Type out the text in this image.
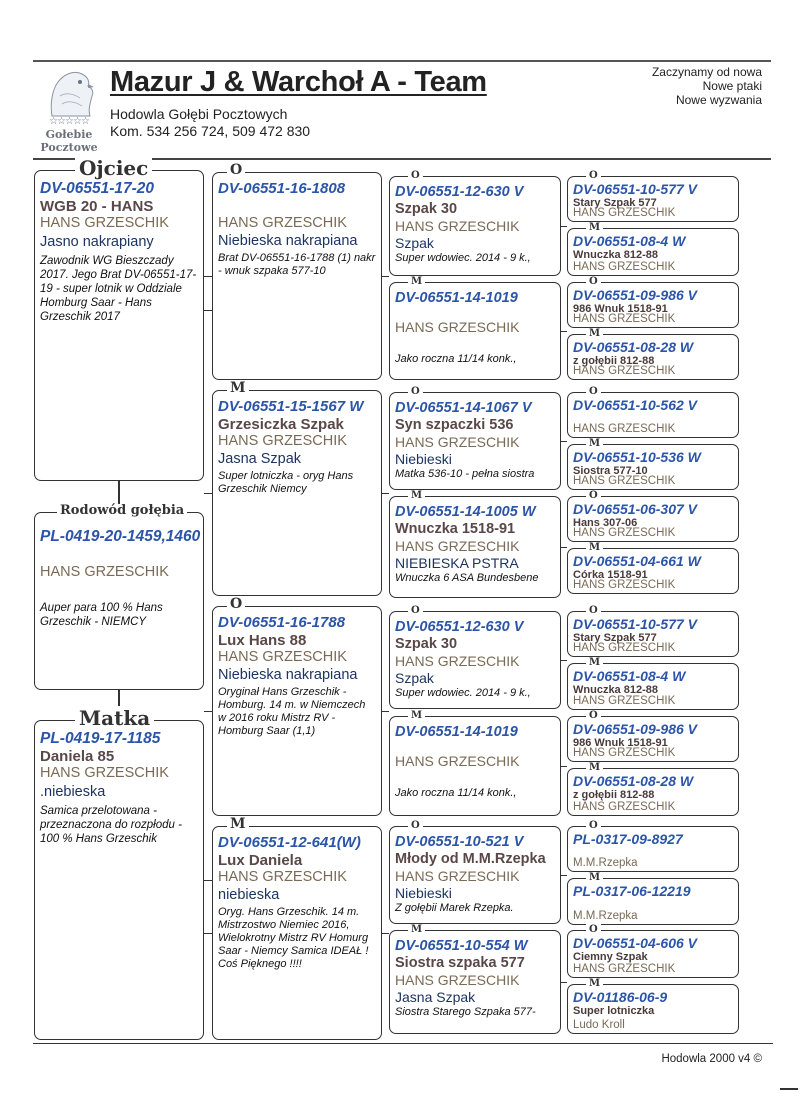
☆☆☆☆☆
Gołebie
Pocztowe
Mazur J & Warchoł A - Team
Hodowla Gołębi Pocztowych
Kom. 534 256 724, 509 472 830
Zaczynamy od nowa
Nowe ptaki
Nowe wyzwania
Ojciec
DV-06551-17-20
WGB 20 - HANS
HANS GRZESCHIK
Jasno nakrapiany
Zawodnik WG Bieszczady 2017. Jego Brat DV-06551-17-19 - super lotnik w Oddziale Homburg Saar - Hans Grzeschik 2017
Rodowód gołębia
PL-0419-20-1459,1460
HANS GRZESCHIK
Auper para 100 % Hans Grzeschik - NIEMCY
Matka
PL-0419-17-1185
Daniela 85
HANS GRZESCHIK
.niebieska
Samica przelotowana - przeznaczona do rozpłodu - 100 % Hans Grzeschik
O
DV-06551-16-1808
HANS GRZESCHIK
Niebieska nakrapiana
Brat DV-06551-16-1788 (1) nakr - wnuk szpaka 577-10
M
DV-06551-15-1567 W
Grzesiczka Szpak
HANS GRZESCHIK
Jasna Szpak
Super lotniczka - oryg Hans Grzeschik Niemcy
O
DV-06551-16-1788
Lux Hans 88
HANS GRZESCHIK
Niebieska nakrapiana
Oryginał Hans Grzeschik - Homburg. 14 m. w Niemczech w 2016 roku Mistrz RV - Homburg Saar (1,1)
M
DV-06551-12-641(W)
Lux Daniela
HANS GRZESCHIK
niebieska
Oryg. Hans Grzeschik. 14 m. Mistrzostwo Niemiec 2016, Wielokrotny Mistrz RV Homurg Saar - Niemcy Samica IDEAŁ ! Coś Pięknego !!!!
O
DV-06551-12-630 V
Szpak 30
HANS GRZESCHIK
Szpak
Super wdowiec. 2014 - 9 k.,
M
DV-06551-14-1019
HANS GRZESCHIK
Jako roczna 11/14 konk.,
O
DV-06551-14-1067 V
Syn szpaczki 536
HANS GRZESCHIK
Niebieski
Matka 536-10 - pełna siostra
M
DV-06551-14-1005 W
Wnuczka 1518-91
HANS GRZESCHIK
NIEBIESKA PSTRA
Wnuczka 6 ASA Bundesbene
O
DV-06551-12-630 V
Szpak 30
HANS GRZESCHIK
Szpak
Super wdowiec. 2014 - 9 k.,
M
DV-06551-14-1019
HANS GRZESCHIK
Jako roczna 11/14 konk.,
O
DV-06551-10-521 V
Młody od M.M.Rzepka
HANS GRZESCHIK
Niebieski
Z gołębii Marek Rzepka.
M
DV-06551-10-554 W
Siostra szpaka 577
HANS GRZESCHIK
Jasna Szpak
Siostra Starego Szpaka 577-
O
DV-06551-10-577 V
Stary Szpak 577
HANS GRZESCHIK
M
DV-06551-08-4 W
Wnuczka 812-88
HANS GRZESCHIK
O
DV-06551-09-986 V
986 Wnuk 1518-91
HANS GRZESCHIK
M
DV-06551-08-28 W
z gołębii 812-88
HANS GRZESCHIK
O
DV-06551-10-562 V
HANS GRZESCHIK
M
DV-06551-10-536 W
Siostra 577-10
HANS GRZESCHIK
O
DV-06551-06-307 V
Hans 307-06
HANS GRZESCHIK
M
DV-06551-04-661 W
Córka 1518-91
HANS GRZESCHIK
O
DV-06551-10-577 V
Stary Szpak 577
HANS GRZESCHIK
M
DV-06551-08-4 W
Wnuczka 812-88
HANS GRZESCHIK
O
DV-06551-09-986 V
986 Wnuk 1518-91
HANS GRZESCHIK
M
DV-06551-08-28 W
z gołębii 812-88
HANS GRZESCHIK
O
PL-0317-09-8927
M.M.Rzepka
M
PL-0317-06-12219
M.M.Rzepka
O
DV-06551-04-606 V
Ciemny Szpak
HANS GRZESCHIK
M
DV-01186-06-9
Super lotniczka
Ludo Kroll
Hodowla 2000 v4 ©
